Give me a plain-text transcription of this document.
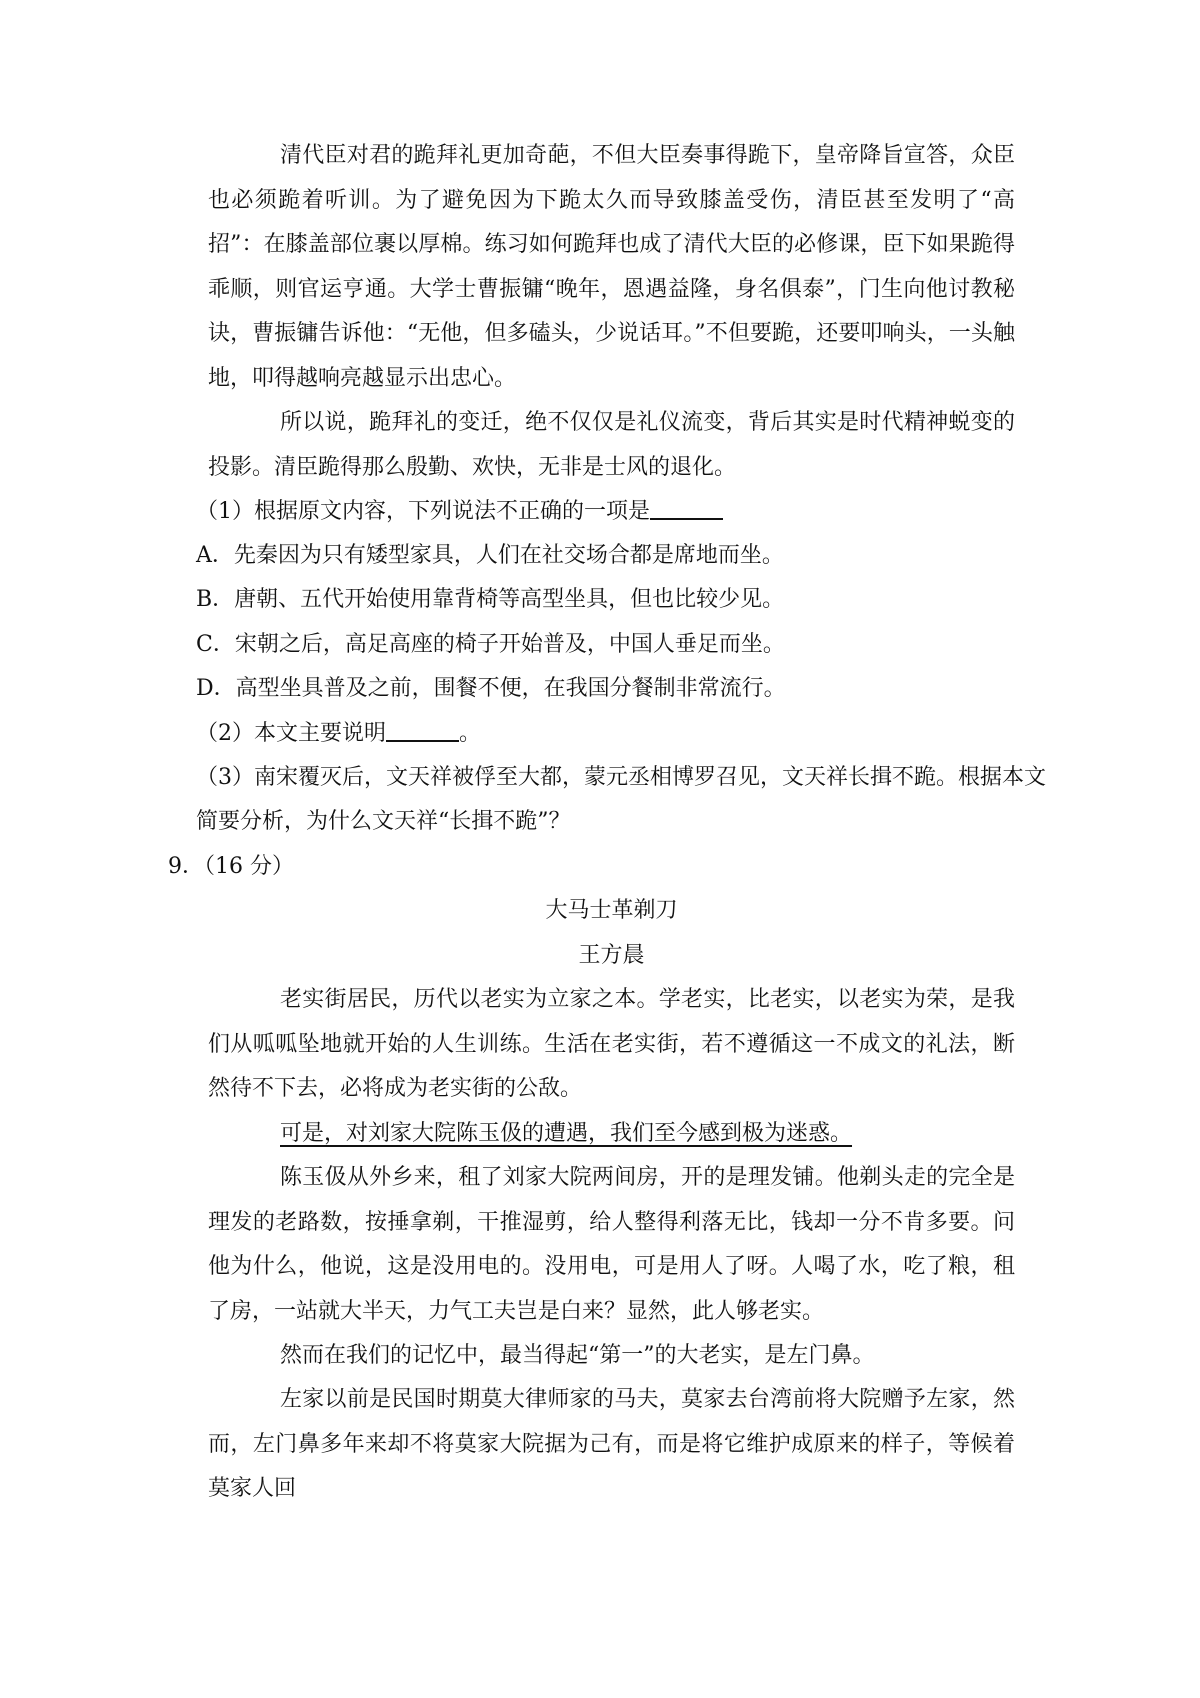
清代臣对君的跪拜礼更加奇葩，不但大臣奏事得跪下，皇帝降旨宣答，众臣也必须跪着听训。为了避免因为下跪太久而导致膝盖受伤，清臣甚至发明了“高招”：在膝盖部位裹以厚棉。练习如何跪拜也成了清代大臣的必修课，臣下如果跪得乖顺，则官运亨通。大学士曹振镛“晚年，恩遇益隆，身名俱泰”，门生向他讨教秘诀，曹振镛告诉他：“无他，但多磕头，少说话耳。”不但要跪，还要叩响头，一头触地，叩得越响亮越显示出忠心。

所以说，跪拜礼的变迁，绝不仅仅是礼仪流变，背后其实是时代精神蜕变的投影。清臣跪得那么殷勤、欢快，无非是士风的退化。

（1）根据原文内容，下列说法不正确的一项是

A．先秦因为只有矮型家具，人们在社交场合都是席地而坐。

B．唐朝、五代开始使用靠背椅等高型坐具，但也比较少见。

C．宋朝之后，高足高座的椅子开始普及，中国人垂足而坐。

D．高型坐具普及之前，围餐不便，在我国分餐制非常流行。

（2）本文主要说明	。

（3）南宋覆灭后，文天祥被俘至大都，蒙元丞相博罗召见，文天祥长揖不跪。根据本文

简要分析，为什么文天祥“长揖不跪”？

9．（16 分）

大马士革剃刀

王方晨

老实街居民，历代以老实为立家之本。学老实，比老实，以老实为荣，是我们从呱呱坠地就开始的人生训练。生活在老实街，若不遵循这一不成文的礼法，断然待不下去，必将成为老实街的公敌。

可是，对刘家大院陈玉伋的遭遇，我们至今感到极为迷惑。

陈玉伋从外乡来，租了刘家大院两间房，开的是理发铺。他剃头走的完全是理发的老路数，按捶拿剃，干推湿剪，给人整得利落无比，钱却一分不肯多要。问他为什么，他说，这是没用电的。没用电，可是用人了呀。人喝了水，吃了粮，租了房，一站就大半天，力气工夫岂是白来？显然，此人够老实。

然而在我们的记忆中，最当得起“第一”的大老实，是左门鼻。

左家以前是民国时期莫大律师家的马夫，莫家去台湾前将大院赠予左家，然而，左门鼻多年来却不将莫家大院据为己有，而是将它维护成原来的样子，等候着莫家人回
